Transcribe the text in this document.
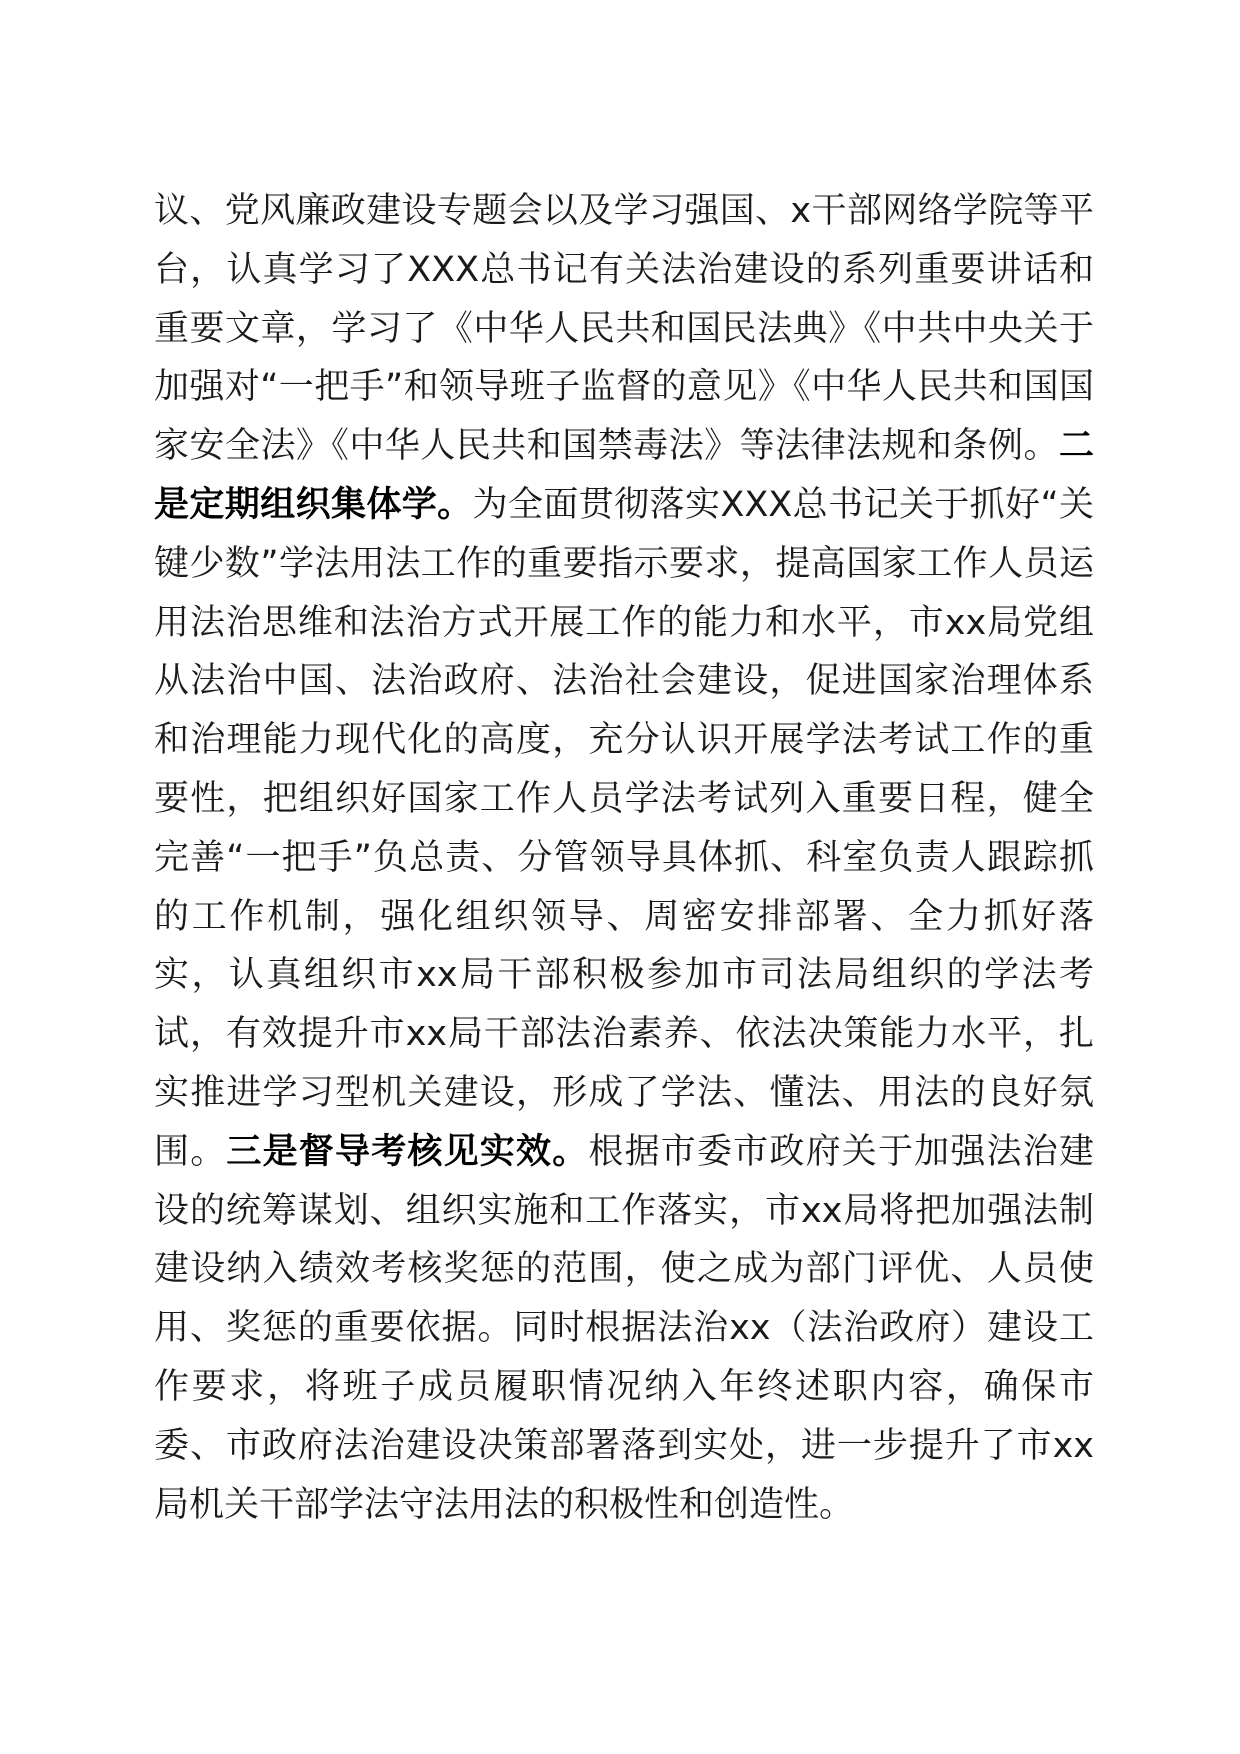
议、党风廉政建设专题会以及学习强国、x干部网络学院等平台，认真学习了XXX总书记有关法治建设的系列重要讲话和重要文章，学习了《中华人民共和国民法典》《中共中央关于加强对“一把手”和领导班子监督的意见》《中华人民共和国国家安全法》《中华人民共和国禁毒法》等法律法规和条例。二是定期组织集体学。为全面贯彻落实XXX总书记关于抓好“关键少数”学法用法工作的重要指示要求，提高国家工作人员运用法治思维和法治方式开展工作的能力和水平，市xx局党组从法治中国、法治政府、法治社会建设，促进国家治理体系和治理能力现代化的高度，充分认识开展学法考试工作的重要性，把组织好国家工作人员学法考试列入重要日程，健全完善“一把手”负总责、分管领导具体抓、科室负责人跟踪抓的工作机制，强化组织领导、周密安排部署、全力抓好落实，认真组织市xx局干部积极参加市司法局组织的学法考试，有效提升市xx局干部法治素养、依法决策能力水平，扎实推进学习型机关建设，形成了学法、懂法、用法的良好氛围。三是督导考核见实效。根据市委市政府关于加强法治建设的统筹谋划、组织实施和工作落实，市xx局将把加强法制建设纳入绩效考核奖惩的范围，使之成为部门评优、人员使用、奖惩的重要依据。同时根据法治xx（法治政府）建设工作要求，将班子成员履职情况纳入年终述职内容，确保市委、市政府法治建设决策部署落到实处，进一步提升了市xx局机关干部学法守法用法的积极性和创造性。
